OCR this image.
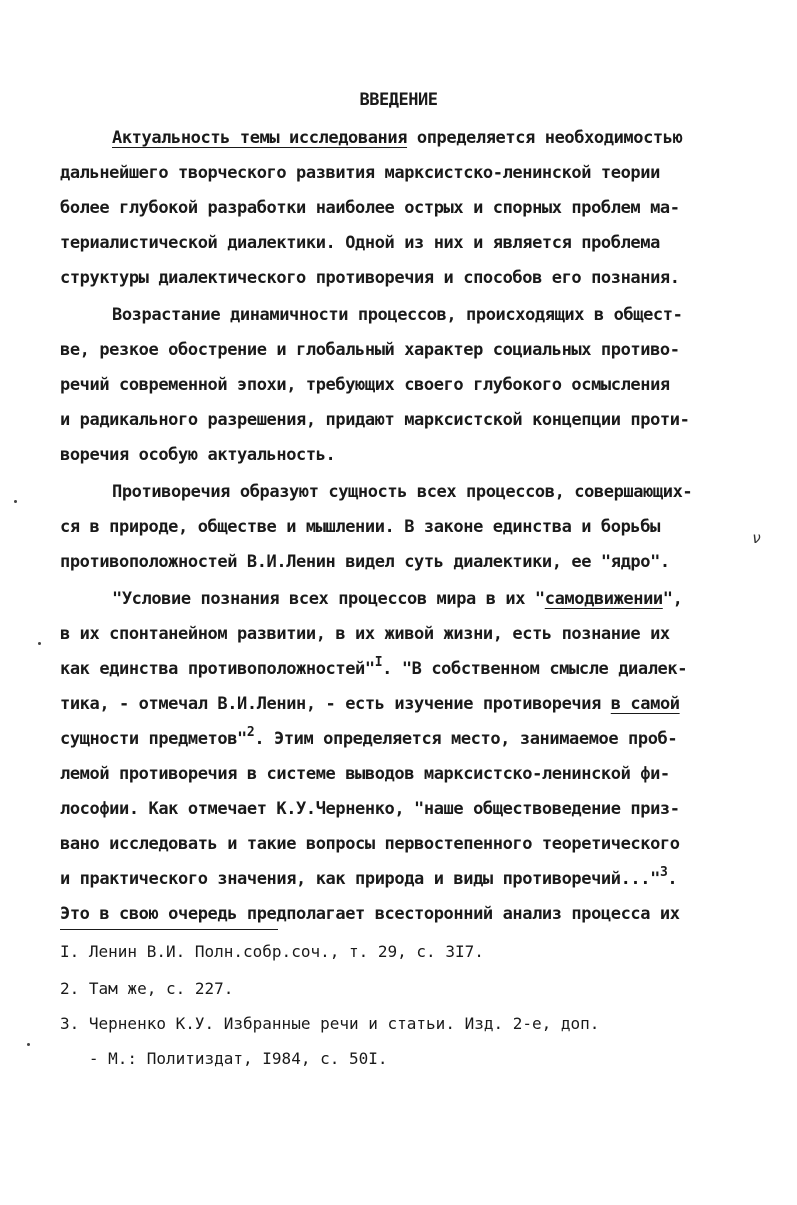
ВВЕДЕНИЕ
Актуальность темы исследования определяется необходимостью
дальнейшего творческого развития марксистско-ленинской теории
более глубокой разработки наиболее острых и спорных проблем ма-
териалистической диалектики. Одной из них и является проблема
структуры диалектического противоречия и способов его познания.
Возрастание динамичности процессов, происходящих в общест-
ве, резкое обострение и глобальный характер социальных противо-
речий современной эпохи, требующих своего глубокого осмысления
и радикального разрешения, придают марксистской концепции проти-
воречия особую актуальность.
Противоречия образуют сущность всех процессов, совершающих-
ся в природе, обществе и мышлении. В законе единства и борьбы
противоположностей В.И.Ленин видел суть диалектики, ее "ядро".
"Условие познания всех процессов мира в их "самодвижении",
в их спонтанейном развитии, в их живой жизни, есть познание их
как единства противоположностей"$^I$. "В собственном смысле диалек-
тика, - отмечал В.И.Ленин, - есть изучение противоречия в самой
сущности предметов"$^2$. Этим определяется место, занимаемое проб-
лемой противоречия в системе выводов марксистско-ленинской фи-
лософии. Как отмечает К.У.Черненко, "наше обществоведение приз-
вано исследовать и такие вопросы первостепенного теоретического
и практического значения, как природа и виды противоречий..."$^3$.
Это в свою очередь предполагает всесторонний анализ процесса их
I. Ленин В.И. Полн.собр.соч., т. 29, с. 3I7.
2. Там же, с. 227.
3. Черненко К.У. Избранные речи и статьи. Изд. 2-е, доп.
- М.: Политиздат, I984, с. 50I.
ν
